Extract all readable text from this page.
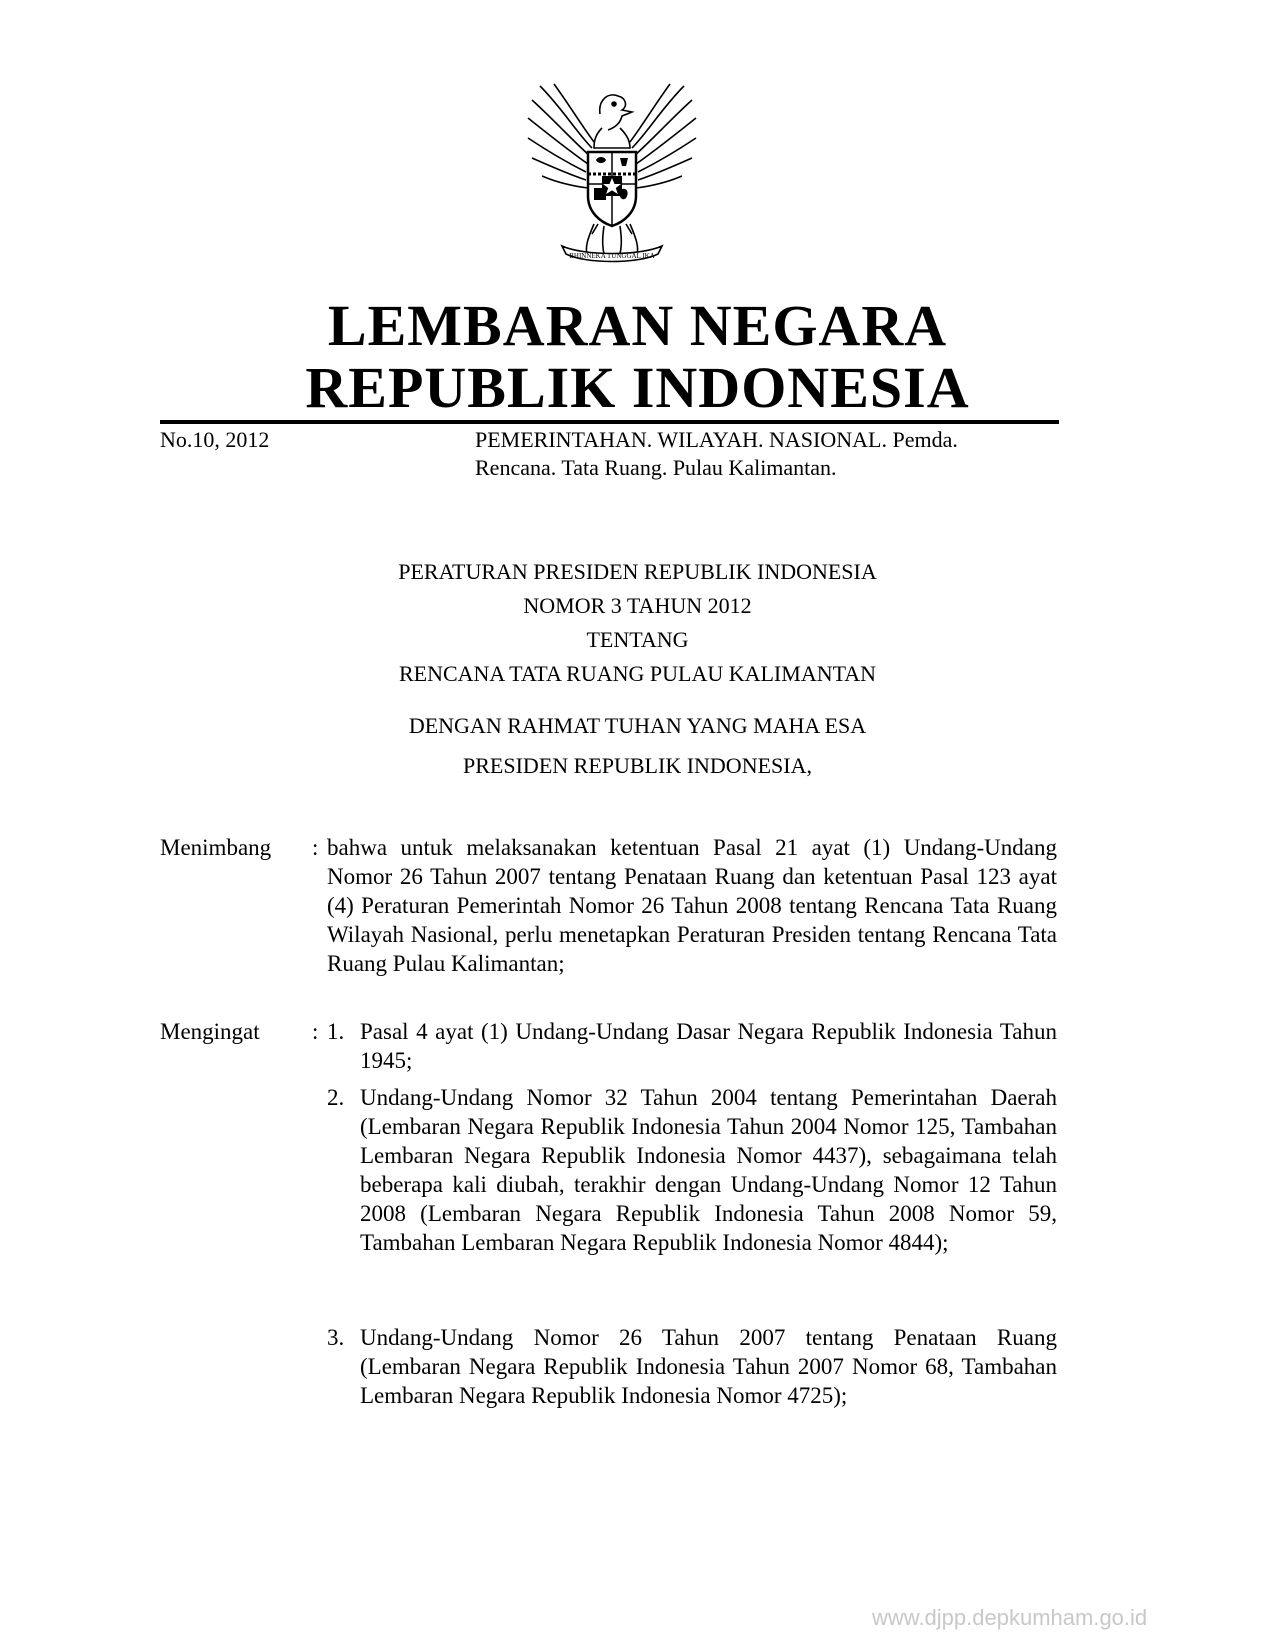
BHINNEKA TUNGGAL IKA
LEMBARAN NEGARA
REPUBLIK INDONESIA
No.10, 2012	PEMERINTAHAN. WILAYAH. NASIONAL. Pemda.
Rencana. Tata Ruang. Pulau Kalimantan.
PERATURAN PRESIDEN REPUBLIK INDONESIA
NOMOR 3 TAHUN 2012
TENTANG
RENCANA TATA RUANG PULAU KALIMANTAN
DENGAN RAHMAT TUHAN YANG MAHA ESA
PRESIDEN REPUBLIK INDONESIA,
Menimbang : bahwa untuk melaksanakan ketentuan Pasal 21 ayat (1) Undang-Undang Nomor 26 Tahun 2007 tentang Penataan Ruang dan ketentuan Pasal 123 ayat (4) Peraturan Pemerintah Nomor 26 Tahun 2008 tentang Rencana Tata Ruang Wilayah Nasional, perlu menetapkan Peraturan Presiden tentang Rencana Tata Ruang Pulau Kalimantan;
Mengingat : 1. Pasal 4 ayat (1) Undang-Undang Dasar Negara Republik Indonesia Tahun 1945;
2. Undang-Undang Nomor 32 Tahun 2004 tentang Pemerintahan Daerah (Lembaran Negara Republik Indonesia Tahun 2004 Nomor 125, Tambahan Lembaran Negara Republik Indonesia Nomor 4437), sebagaimana telah beberapa kali diubah, terakhir dengan Undang-Undang Nomor 12 Tahun 2008 (Lembaran Negara Republik Indonesia Tahun 2008 Nomor 59, Tambahan Lembaran Negara Republik Indonesia Nomor 4844);
3. Undang-Undang Nomor 26 Tahun 2007 tentang Penataan Ruang (Lembaran Negara Republik Indonesia Tahun 2007 Nomor 68, Tambahan Lembaran Negara Republik Indonesia Nomor 4725);
www.djpp.depkumham.go.id
